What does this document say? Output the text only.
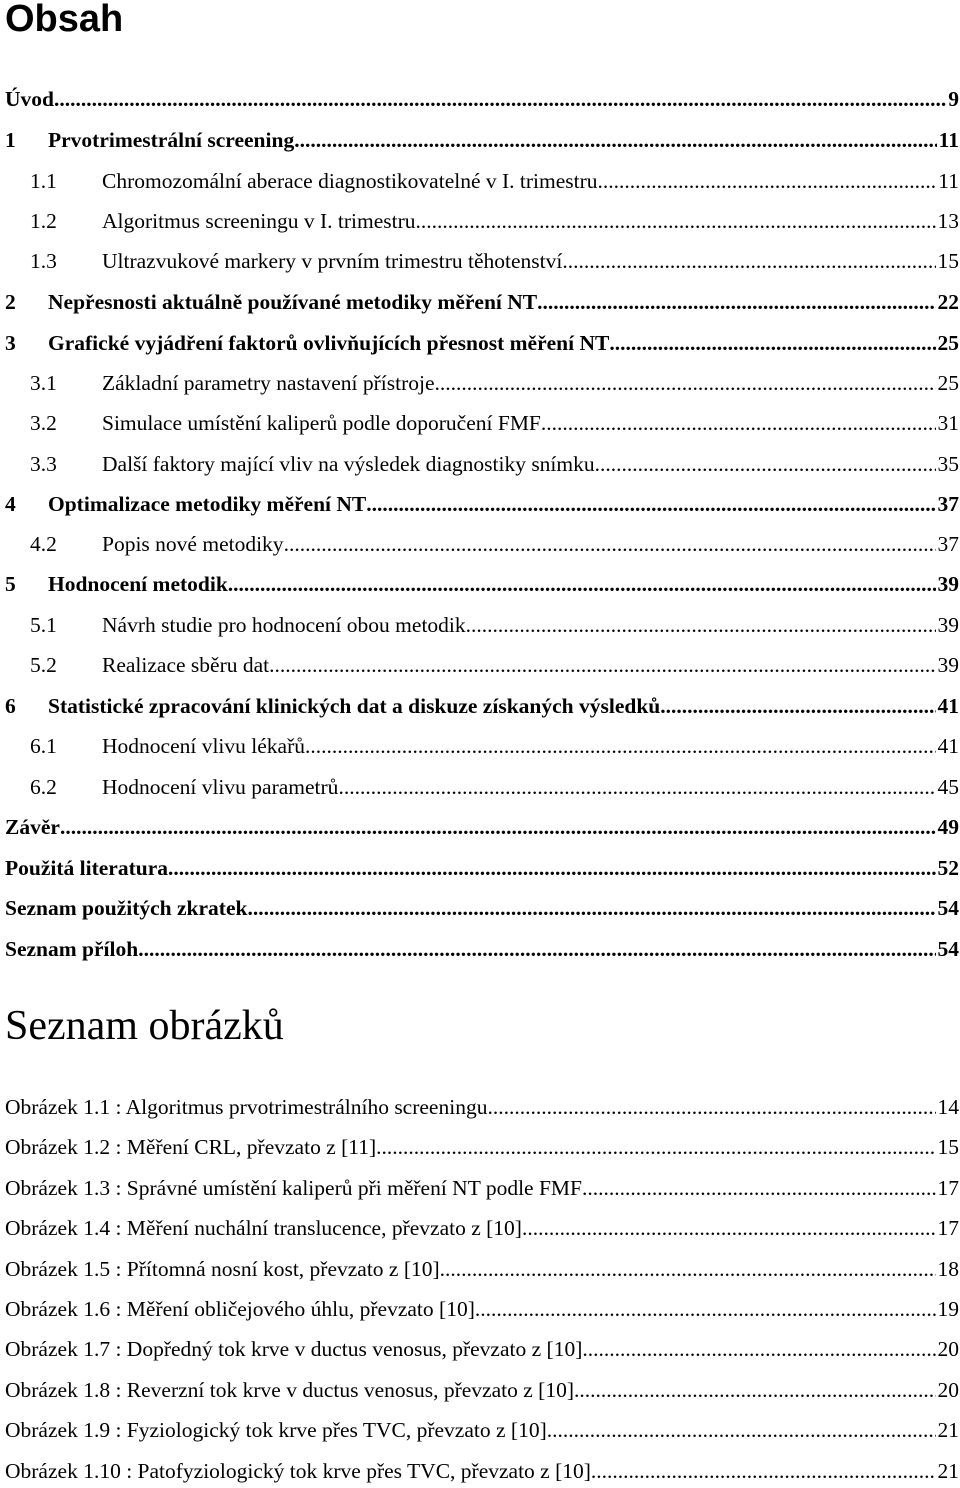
Obsah
Úvod .....	9
1	Prvotrimestrální screening .....	11
1.1	Chromozomální aberace diagnostikovatelné v I. trimestru .....	11
1.2	Algoritmus screeningu v I. trimestru. .....	13
1.3	Ultrazvukové markery v prvním trimestru těhotenství .....	15
2	Nepřesnosti aktuálně používané metodiky měření NT .....	22
3	Grafické vyjádření faktorů ovlivňujících přesnost měření NT .....	25
3.1	Základní parametry nastavení přístroje .....	25
3.2	Simulace umístění kaliperů podle doporučení FMF .....	31
3.3	Další faktory mající vliv na výsledek diagnostiky snímku .....	35
4	Optimalizace metodiky měření NT .....	37
4.2	Popis nové metodiky .....	37
5	Hodnocení metodik .....	39
5.1	Návrh studie pro hodnocení obou metodik .....	39
5.2	Realizace sběru dat .....	39
6	Statistické zpracování klinických dat a diskuze získaných výsledků .....	41
6.1	Hodnocení vlivu lékařů .....	41
6.2	Hodnocení vlivu parametrů .....	45
Závěr .....	49
Použitá literatura .....	52
Seznam použitých zkratek .....	54
Seznam příloh .....	54
Seznam obrázků
Obrázek 1.1 : Algoritmus prvotrimestrálního screeningu .....	14
Obrázek 1.2 : Měření CRL, převzato z [11] .....	15
Obrázek 1.3 : Správné umístění kaliperů při měření NT podle FMF .....	17
Obrázek 1.4 : Měření nuchální translucence, převzato z [10] .....	17
Obrázek 1.5 : Přítomná nosní kost, převzato z [10]. .....	18
Obrázek 1.6 : Měření obličejového úhlu, převzato [10] .....	19
Obrázek 1.7 : Dopředný tok krve v ductus venosus, převzato z [10] .....	20
Obrázek 1.8 : Reverzní tok krve v ductus venosus, převzato z [10]. .....	20
Obrázek 1.9 : Fyziologický tok krve přes TVC, převzato z [10]. .....	21
Obrázek 1.10 : Patofyziologický tok krve přes TVC, převzato z [10] .....	21
